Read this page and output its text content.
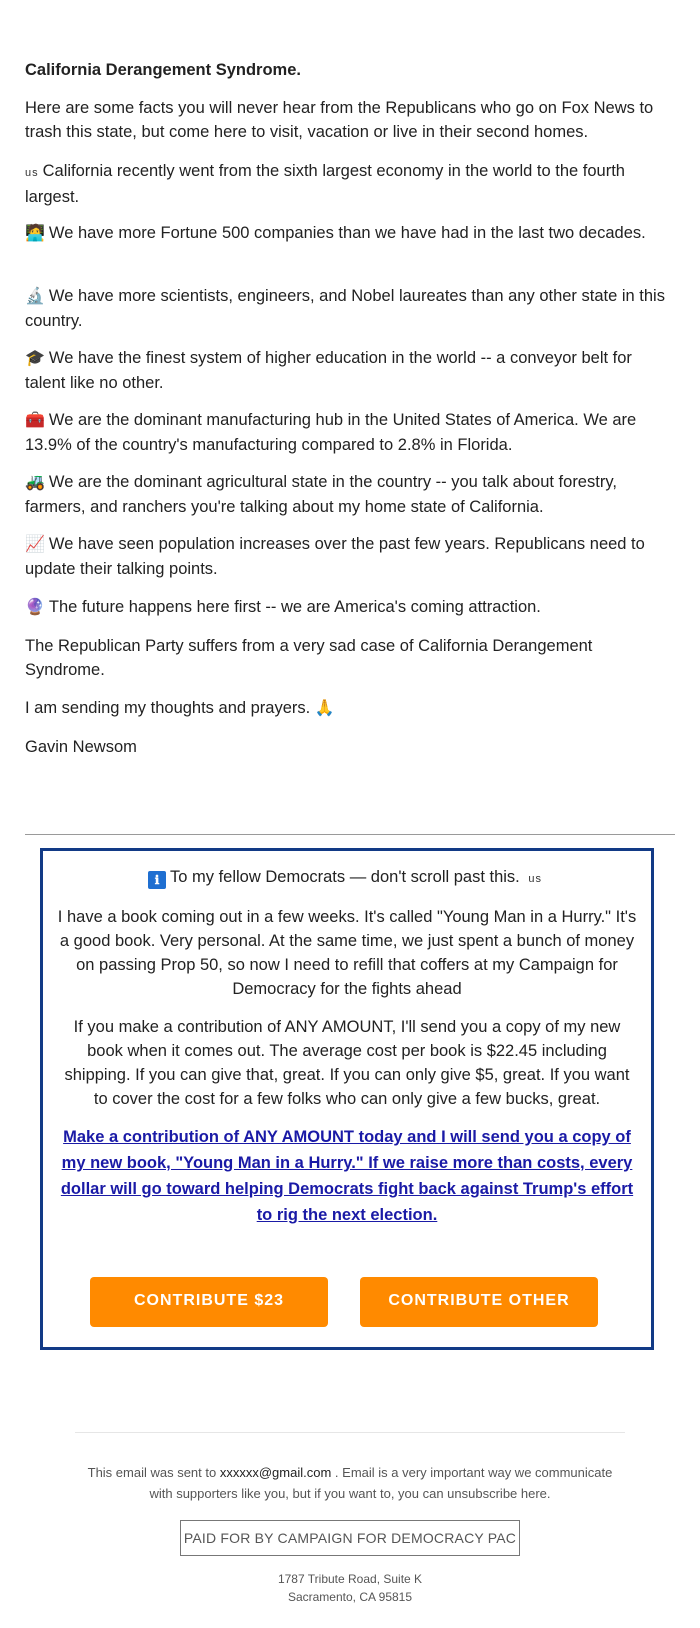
California Derangement Syndrome.

Here are some facts you will never hear from the Republicans who go on Fox News to trash this state, but come here to visit, vacation or live in their second homes.

us California recently went from the sixth largest economy in the world to the fourth largest.

🧑‍💻 We have more Fortune 500 companies than we have had in the last two decades.

🔬 We have more scientists, engineers, and Nobel laureates than any other state in this country.

🎓 We have the finest system of higher education in the world -- a conveyor belt for talent like no other.

🧰 We are the dominant manufacturing hub in the United States of America. We are 13.9% of the country's manufacturing compared to 2.8% in Florida.

🚜 We are the dominant agricultural state in the country -- you talk about forestry, farmers, and ranchers you're talking about my home state of California.

📈 We have seen population increases over the past few years. Republicans need to update their talking points.

🔮 The future happens here first -- we are America's coming attraction.

The Republican Party suffers from a very sad case of California Derangement Syndrome.

I am sending my thoughts and prayers. 🙏

Gavin Newsom

ℹ To my fellow Democrats — don't scroll past this. us

I have a book coming out in a few weeks. It's called "Young Man in a Hurry." It's a good book. Very personal. At the same time, we just spent a bunch of money on passing Prop 50, so now I need to refill that coffers at my Campaign for Democracy for the fights ahead

If you make a contribution of ANY AMOUNT, I'll send you a copy of my new book when it comes out. The average cost per book is $22.45 including shipping. If you can give that, great. If you can only give $5, great. If you want to cover the cost for a few folks who can only give a few bucks, great.

Make a contribution of ANY AMOUNT today and I will send you a copy of my new book, "Young Man in a Hurry." If we raise more than costs, every dollar will go toward helping Democrats fight back against Trump's effort to rig the next election.

CONTRIBUTE $23	CONTRIBUTE OTHER

This email was sent to xxxxxx@gmail.com . Email is a very important way we communicate with supporters like you, but if you want to, you can unsubscribe here.

PAID FOR BY CAMPAIGN FOR DEMOCRACY PAC
1787 Tribute Road, Suite K
Sacramento, CA 95815
